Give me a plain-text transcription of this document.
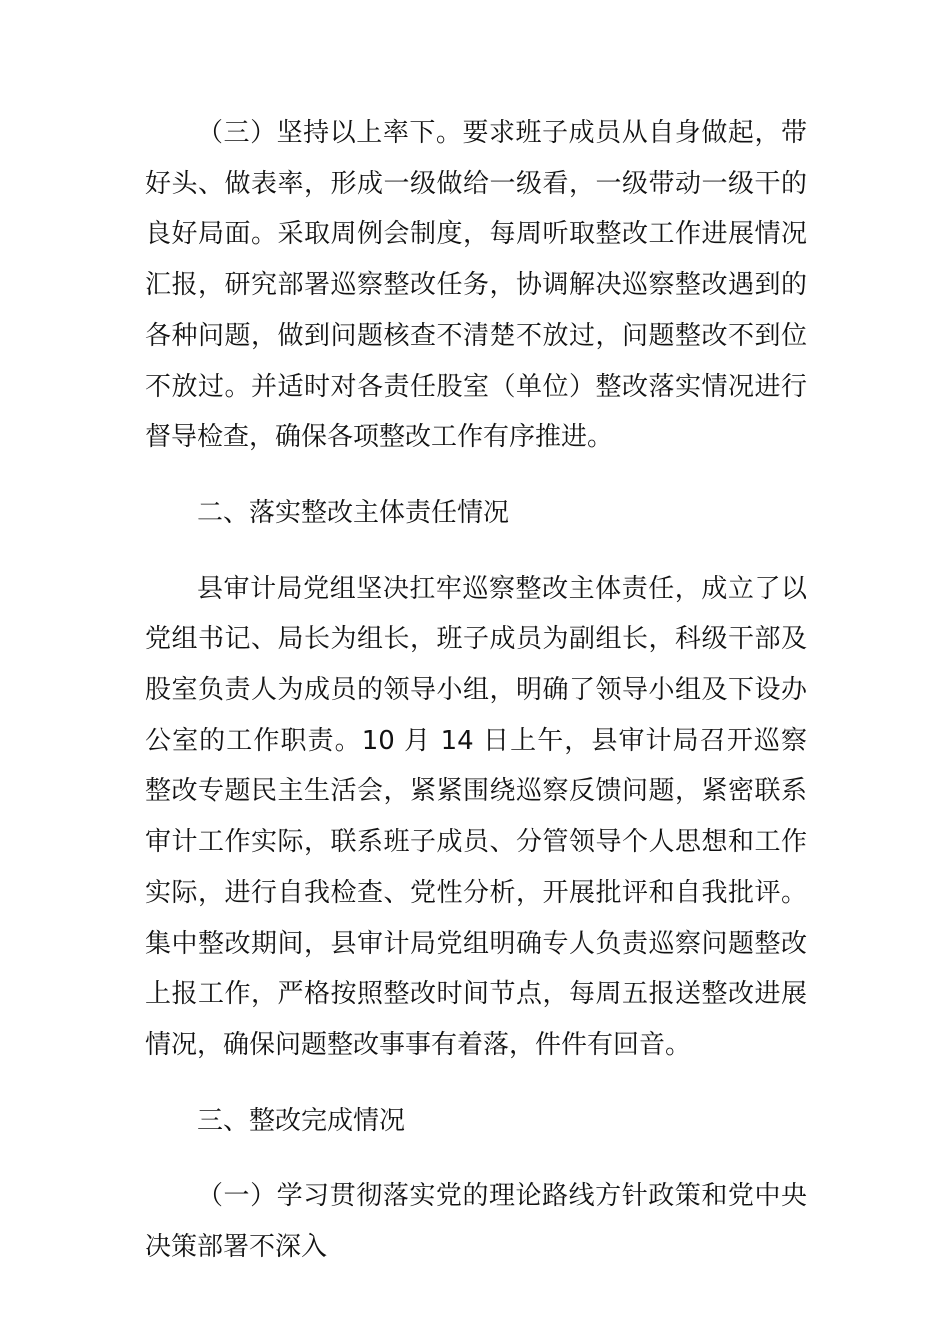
（三）坚持以上率下。要求班子成员从自身做起，带好头、做表率，形成一级做给一级看，一级带动一级干的良好局面。采取周例会制度，每周听取整改工作进展情况汇报，研究部署巡察整改任务，协调解决巡察整改遇到的各种问题，做到问题核查不清楚不放过，问题整改不到位不放过。并适时对各责任股室（单位）整改落实情况进行督导检查，确保各项整改工作有序推进。

二、落实整改主体责任情况

县审计局党组坚决扛牢巡察整改主体责任，成立了以党组书记、局长为组长，班子成员为副组长，科级干部及股室负责人为成员的领导小组，明确了领导小组及下设办公室的工作职责。10 月 14 日上午，县审计局召开巡察整改专题民主生活会，紧紧围绕巡察反馈问题，紧密联系审计工作实际，联系班子成员、分管领导个人思想和工作实际，进行自我检查、党性分析，开展批评和自我批评。集中整改期间，县审计局党组明确专人负责巡察问题整改上报工作，严格按照整改时间节点，每周五报送整改进展情况，确保问题整改事事有着落，件件有回音。

三、整改完成情况

（一）学习贯彻落实党的理论路线方针政策和党中央决策部署不深入
